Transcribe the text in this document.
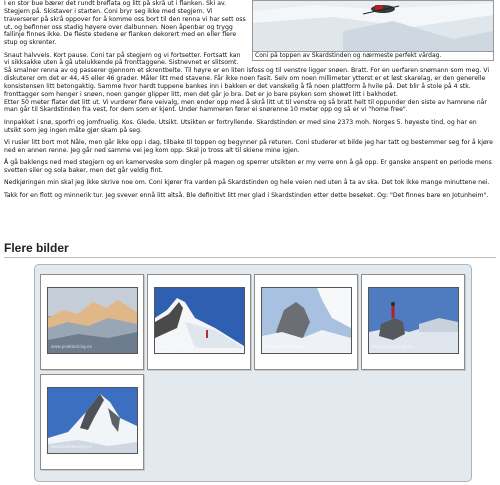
Coni på toppen av Skardstinden og nærmeste perfekt vårdag.

I en stor bue bærer det rundt breflata og litt på skrå ut i flanken. Ski av. Stegjern på. Skistaver i starten. Coni bryr seg ikke med stegjern. Vi traverserer på skrå oppover for å komme oss bort til den renna vi har sett oss ut, og befinner oss stadig høyere over dalbunnen. Noen åpenbar og trygg fallinje finnes ikke. De fleste stedene er flanken dekorert med en eller flere stup og skrenter.

Snaut halvveis. Kort pause. Coni tar på stegjern og vi fortsetter. Fortsatt kan vi sikksakke uten å gå utelukkende på fronttaggene. Sistnevnet er slitsomt. Så smalner renna av og passerer gjennom et skrentbelte. Til høyre er en liten isfoss og til venstre ligger snøen. Bratt. For en uerfaren snømann som meg. Vi diskuterer om det er 44, 45 eller 46 grader. Måler litt med stavene. Får ikke noen fasit. Selv om noen millimeter ytterst er et løst skarelag, er den generelle konsistensen litt betongaktig. Samme hvor hardt tuppene bankes inn i bakken er det vanskelig å få noen plattform å hvile på. Det blir å stole på 4 stk. fronttagger som henger i snøen, noen ganger glipper litt, men det går jo bra. Det er jo bare psyken som showet litt i bakhodet.

Etter 50 meter flater det litt ut. Vi vurderer flere veivalg, men ender opp med å skrå litt ut til venstre og så bratt helt til oppunder den siste av hamrene når man går til Skardstinden fra vest, for dem som er kjent. Under hammeren fører ei snørenne 10 meter opp og så er vi "home free".

Innpakket i snø, sporfri og jomfruelig. Kos. Glede. Utsikt. Utsikten er fortryllende. Skardstinden er med sine 2373 moh. Norges 5. høyeste tind, og har en utsikt som jeg ingen måte gjør skam på seg.

Vi rusler litt bort mot Nåle, men går ikke opp i dag, tilbake til toppen og begynner på returen. Coni studerer et bilde jeg har tatt og bestemmer seg for å kjøre ned en annen renne. Jeg går ned samme vei jeg kom opp. Skal jo tross alt til skiene mine igjen.

Å gå baklengs ned med stegjern og en kamerveske som dingler på magen og sperrer utsikten er my verre enn å gå opp. Er ganske anspent en periode mens svetten siler og sola baker, men det går veldig fint.

Nedkjøringen min skal jeg ikke skrive noe om. Coni kjører fra varden på Skardstinden og hele veien ned uten å ta av ska. Det tok ikke mange minuttene nei.

Takk for en flott og minnerik tur. Jeg svever ennå litt altså. Ble definitivt litt mer glad i Skardstinden etter dette besøket. Og: "Det finnes bare en Jotunheim".

Flere bilder
www.peaktorking.no	www.peaktorking.no	www.peaktorking.no	www.peaktorking.no
www.peaktorking.no
